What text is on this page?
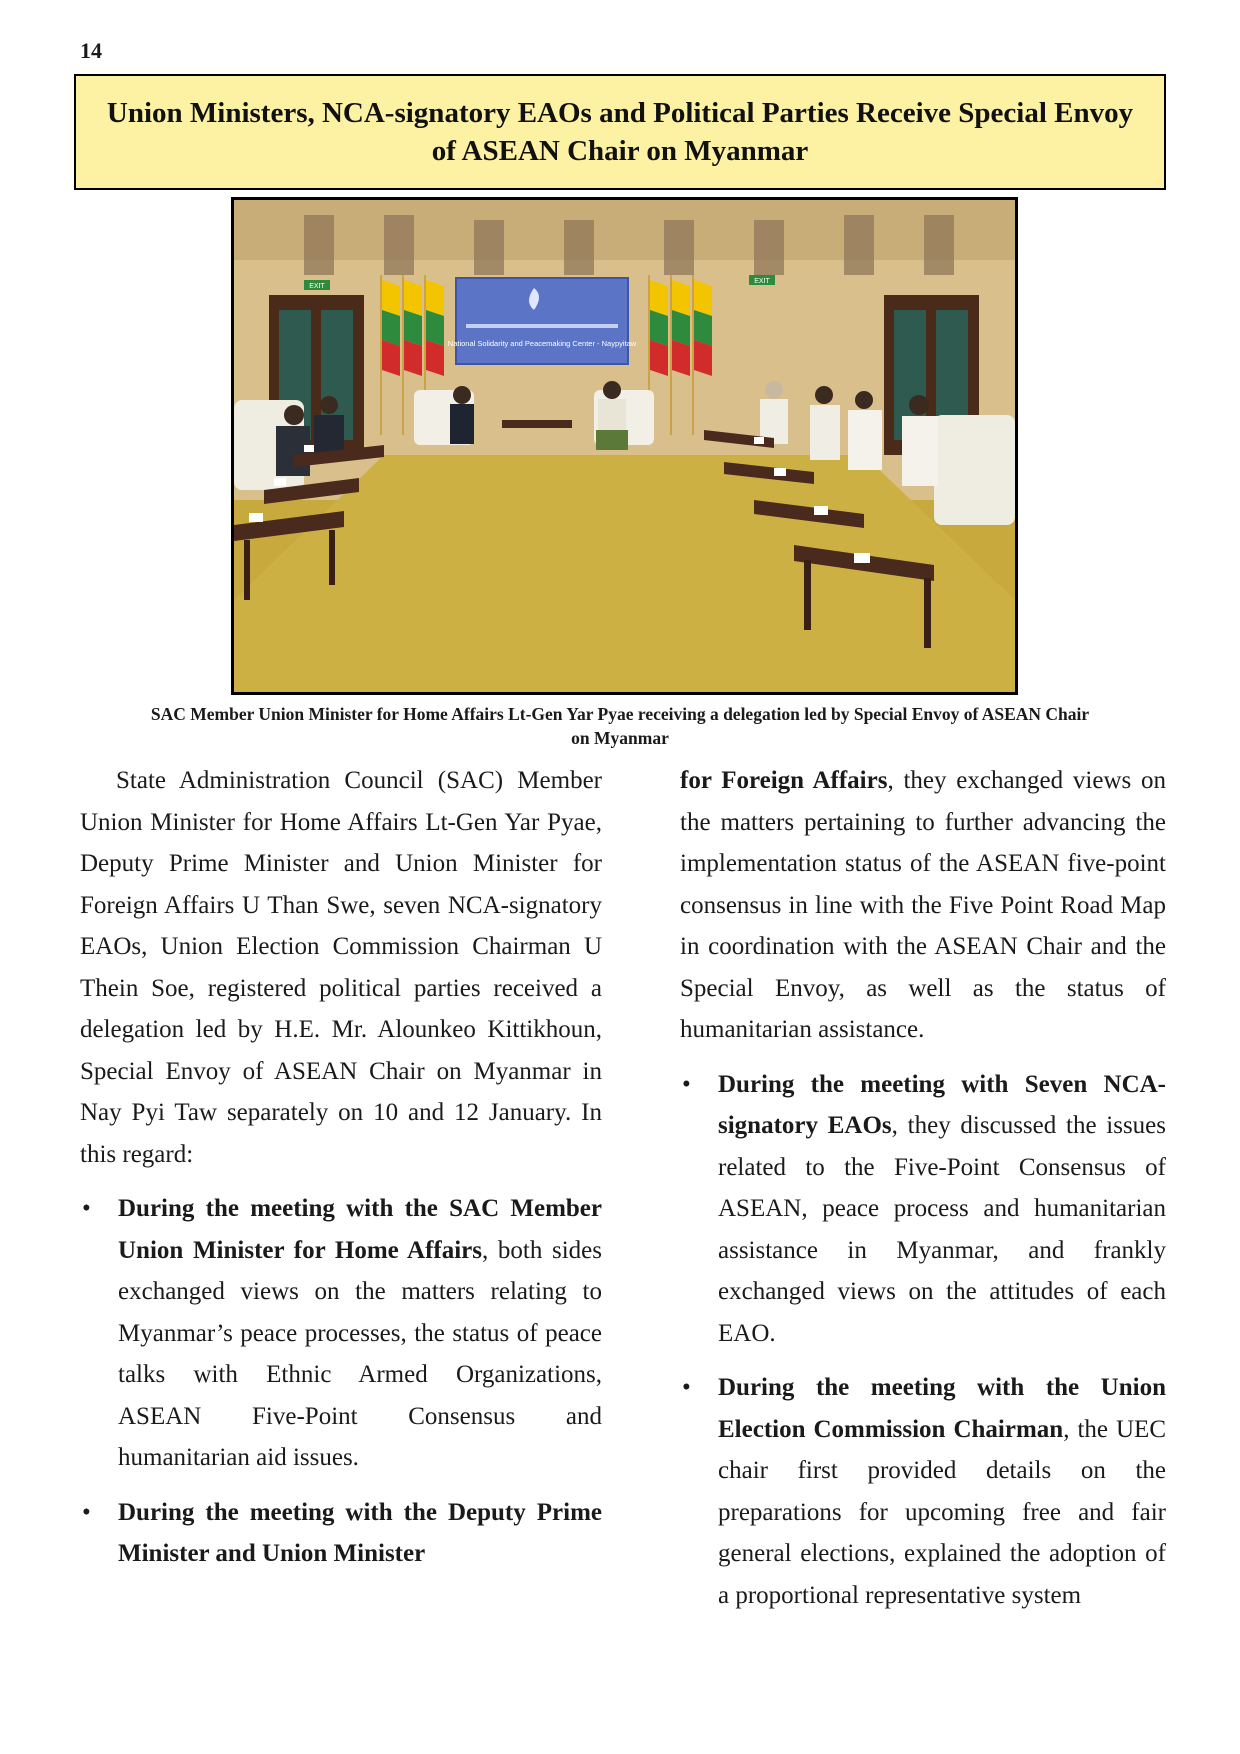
14
Union Ministers, NCA-signatory EAOs and Political Parties Receive Special Envoy of ASEAN Chair on Myanmar
EXIT
EXIT
National Solidarity and Peacemaking Center - Naypyitaw
SAC Member Union Minister for Home Affairs Lt-Gen Yar Pyae receiving a delegation led by Special Envoy of ASEAN Chair on Myanmar

State Administration Council (SAC) Member Union Minister for Home Affairs Lt-Gen Yar Pyae, Deputy Prime Minister and Union Minister for Foreign Affairs U Than Swe, seven NCA-signatory EAOs, Union Election Commission Chairman U Thein Soe, registered political parties received a delegation led by H.E. Mr. Alounkeo Kittikhoun, Special Envoy of ASEAN Chair on Myanmar in Nay Pyi Taw separately on 10 and 12 January. In this regard:

• During the meeting with the SAC Member Union Minister for Home Affairs, both sides exchanged views on the matters relating to Myanmar’s peace processes, the status of peace talks with Ethnic Armed Organizations, ASEAN Five-Point Consensus and humanitarian aid issues.
• During the meeting with the Deputy Prime Minister and Union Minister

for Foreign Affairs, they exchanged views on the matters pertaining to further advancing the implementation status of the ASEAN five-point consensus in line with the Five Point Road Map in coordination with the ASEAN Chair and the Special Envoy, as well as the status of humanitarian assistance.

• During the meeting with Seven NCA-signatory EAOs, they discussed the issues related to the Five-Point Consensus of ASEAN, peace process and humanitarian assistance in Myanmar, and frankly exchanged views on the attitudes of each EAO.
• During the meeting with the Union Election Commission Chairman, the UEC chair first provided details on the preparations for upcoming free and fair general elections, explained the adoption of a proportional representative system
